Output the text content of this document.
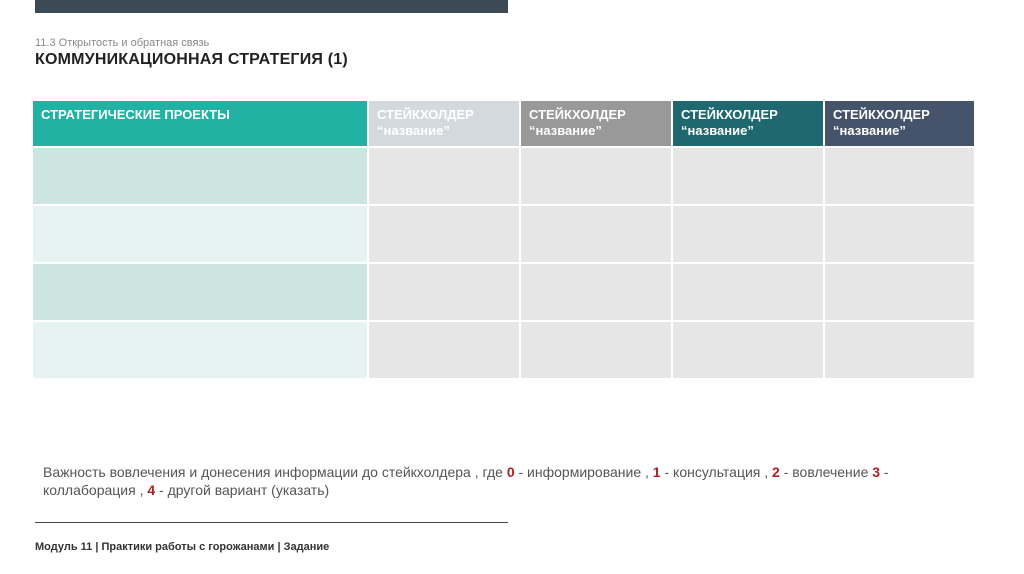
11.3 Открытость и обратная связь
КОММУНИКАЦИОННАЯ СТРАТЕГИЯ (1)
СТРАТЕГИЧЕСКИЕ ПРОЕКТЫ	СТЕЙКХОЛДЕР
“название”
СТЕЙКХОЛДЕР
“название”
СТЕЙКХОЛДЕР
“название”
СТЕЙКХОЛДЕР
“название”
Важность вовлечения и донесения информации до стейкхолдера , где 0 - информирование , 1 - консультация , 2 - вовлечение 3 - коллаборация , 4 - другой вариант (указать)
Модуль 11 | Практики работы с горожанами | Задание
